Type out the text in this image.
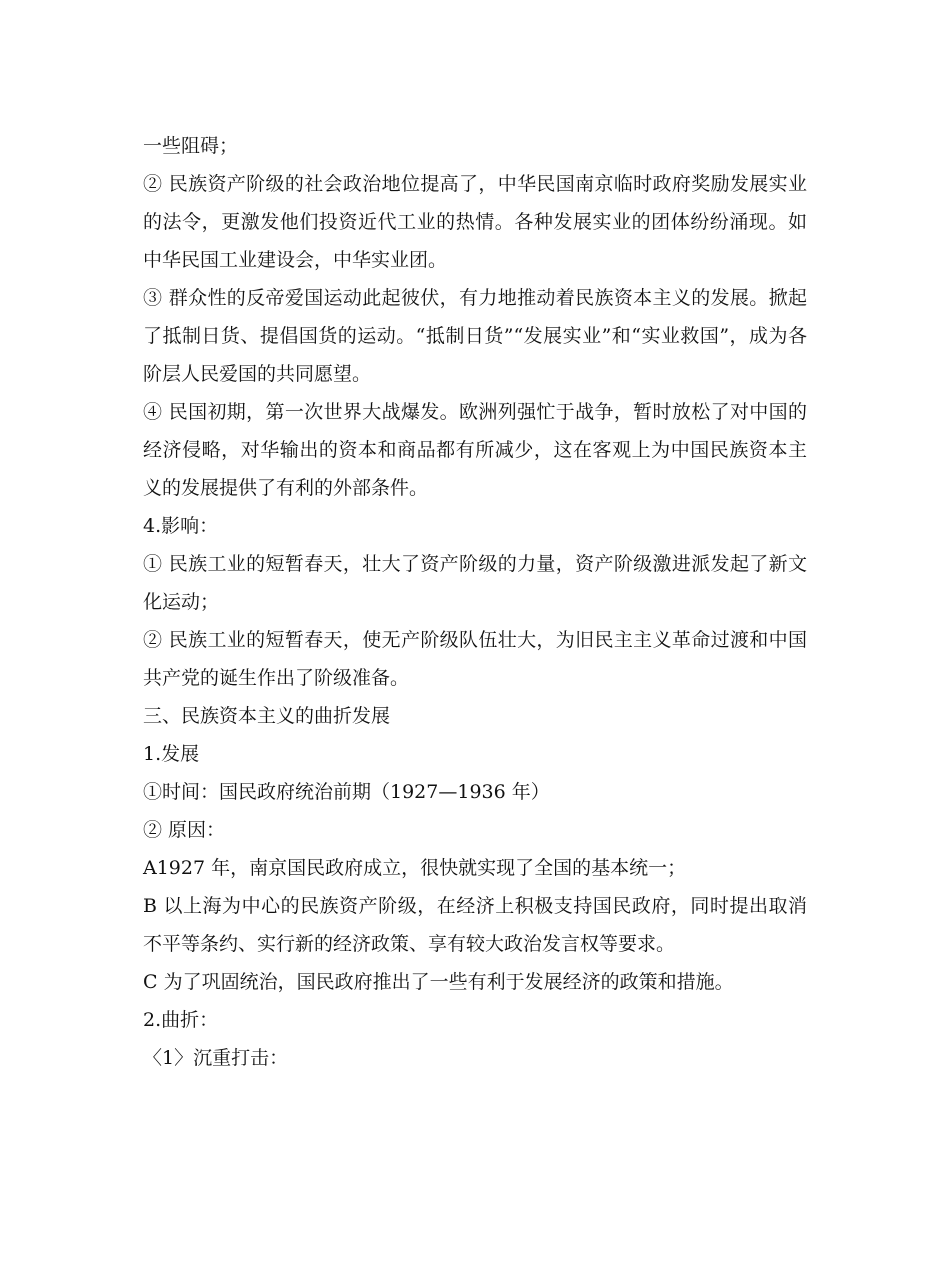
一些阻碍；

② 民族资产阶级的社会政治地位提高了，中华民国南京临时政府奖励发展实业的法令，更激发他们投资近代工业的热情。各种发展实业的团体纷纷涌现。如中华民国工业建设会，中华实业团。

③ 群众性的反帝爱国运动此起彼伏，有力地推动着民族资本主义的发展。掀起了抵制日货、提倡国货的运动。“抵制日货”“发展实业”和“实业救国”，成为各阶层人民爱国的共同愿望。

④ 民国初期，第一次世界大战爆发。欧洲列强忙于战争，暂时放松了对中国的经济侵略，对华输出的资本和商品都有所减少，这在客观上为中国民族资本主义的发展提供了有利的外部条件。

4.影响：

① 民族工业的短暂春天，壮大了资产阶级的力量，资产阶级激进派发起了新文化运动；

② 民族工业的短暂春天，使无产阶级队伍壮大，为旧民主主义革命过渡和中国共产党的诞生作出了阶级准备。

三、民族资本主义的曲折发展

1.发展

①时间：国民政府统治前期（1927—1936 年）

② 原因：

A1927 年，南京国民政府成立，很快就实现了全国的基本统一；

B 以上海为中心的民族资产阶级，在经济上积极支持国民政府，同时提出取消不平等条约、实行新的经济政策、享有较大政治发言权等要求。

C 为了巩固统治，国民政府推出了一些有利于发展经济的政策和措施。

2.曲折：

〈1〉沉重打击：
